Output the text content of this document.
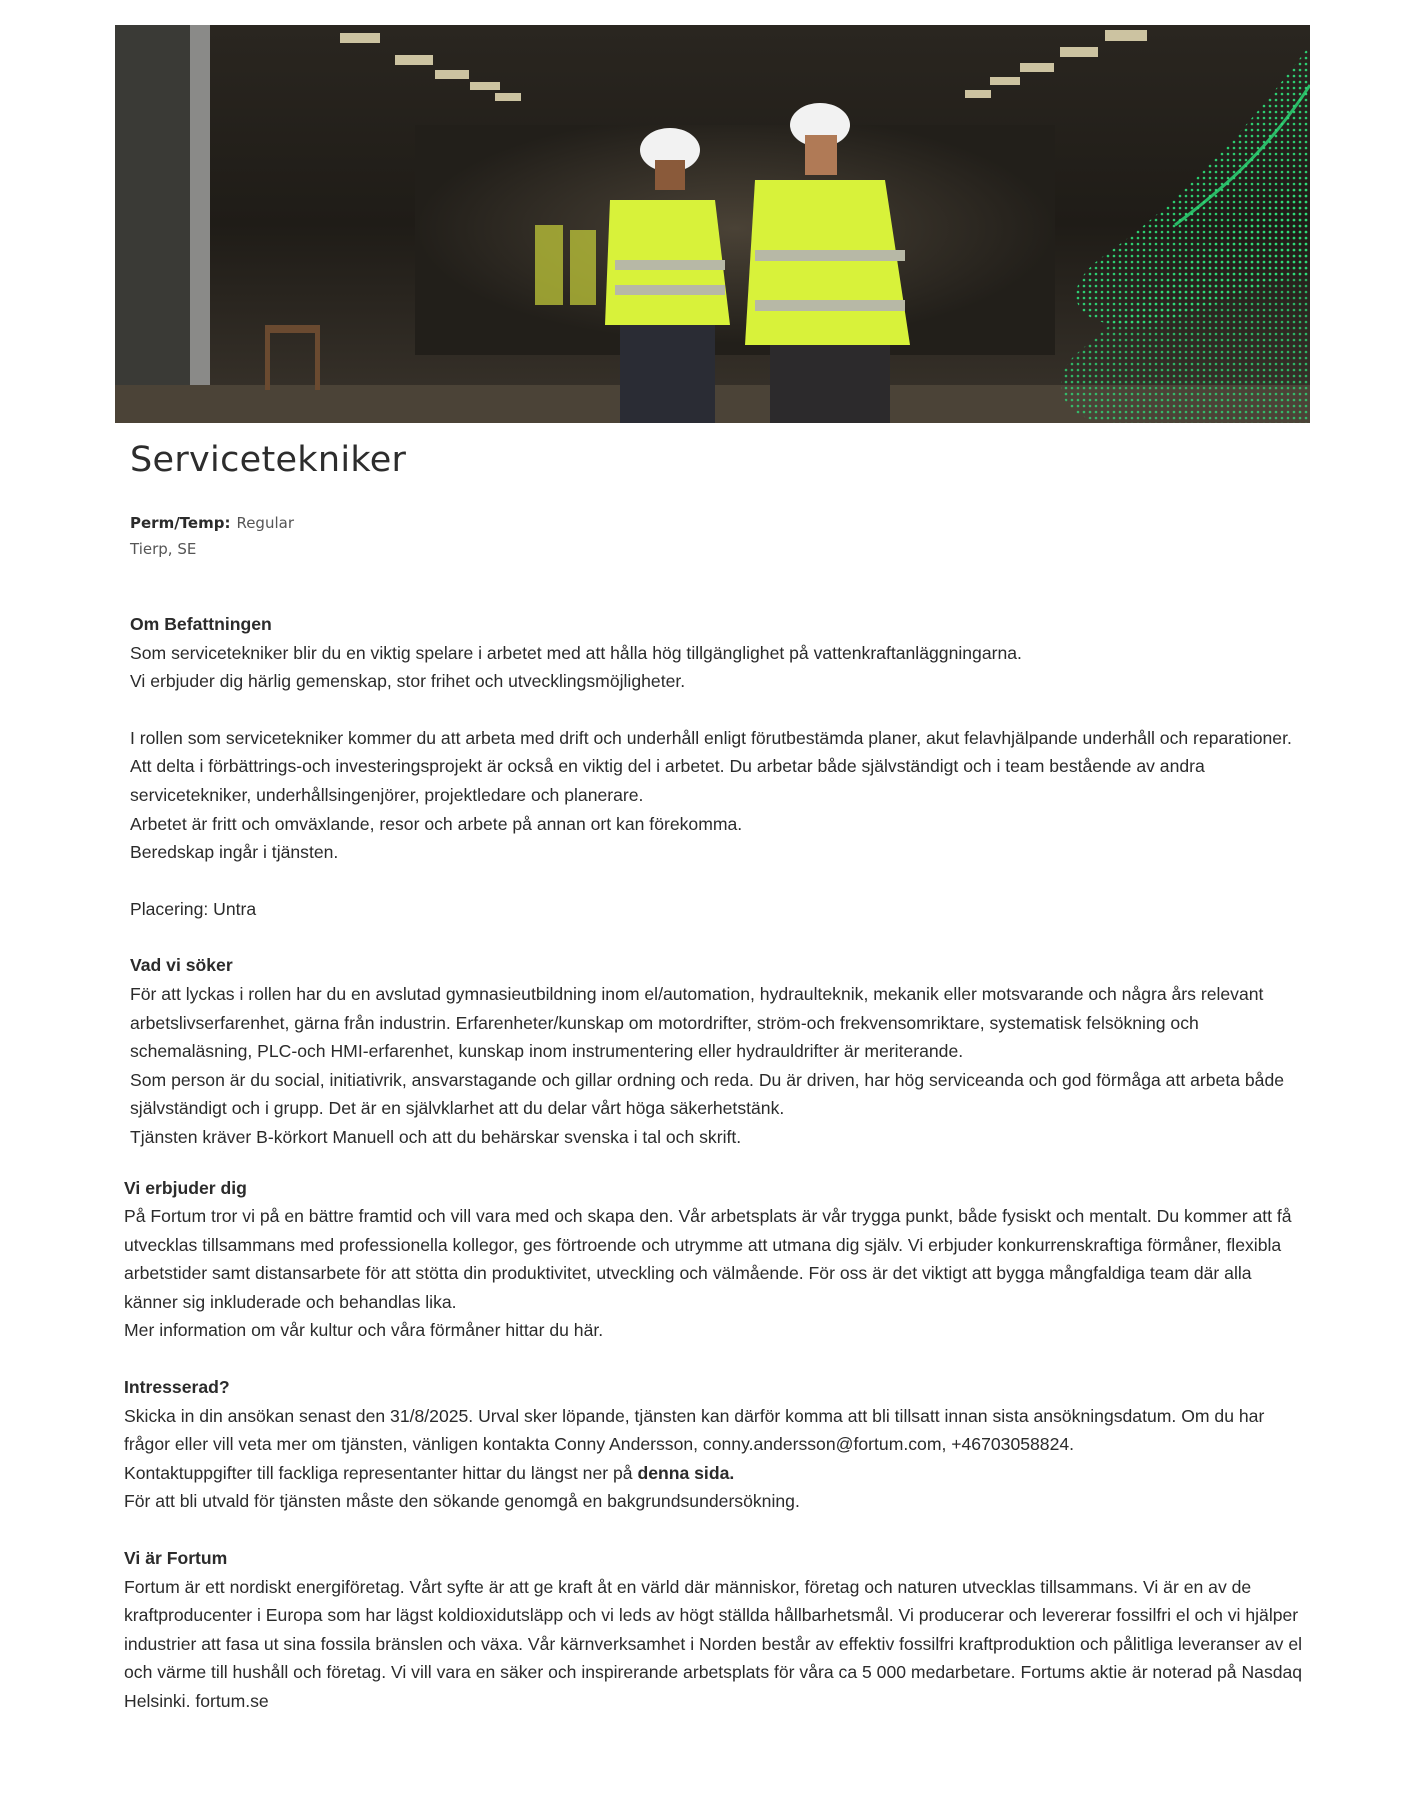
Servicetekniker
Perm/Temp: Regular
Tierp, SE
Om Befattningen

Som servicetekniker blir du en viktig spelare i arbetet med att hålla hög tillgänglighet på vattenkraftanläggningarna.

Vi erbjuder dig härlig gemenskap, stor frihet och utvecklingsmöjligheter.

I rollen som servicetekniker kommer du att arbeta med drift och underhåll enligt förutbestämda planer, akut felavhjälpande underhåll och reparationer. Att delta i förbättrings-och investeringsprojekt är också en viktig del i arbetet. Du arbetar både självständigt och i team bestående av andra servicetekniker, underhållsingenjörer, projektledare och planerare.

Arbetet är fritt och omväxlande, resor och arbete på annan ort kan förekomma.

Beredskap ingår i tjänsten.

Placering: Untra

Vad vi söker

För att lyckas i rollen har du en avslutad gymnasieutbildning inom el/automation, hydraulteknik, mekanik eller motsvarande och några års relevant arbetslivserfarenhet, gärna från industrin. Erfarenheter/kunskap om motordrifter, ström-och frekvensomriktare, systematisk felsökning och schemaläsning, PLC-och HMI-erfarenhet, kunskap inom instrumentering eller hydrauldrifter är meriterande.

Som person är du social, initiativrik, ansvarstagande och gillar ordning och reda. Du är driven, har hög serviceanda och god förmåga att arbeta både självständigt och i grupp. Det är en självklarhet att du delar vårt höga säkerhetstänk.

Tjänsten kräver B-körkort Manuell och att du behärskar svenska i tal och skrift.

Vi erbjuder dig

På Fortum tror vi på en bättre framtid och vill vara med och skapa den. Vår arbetsplats är vår trygga punkt, både fysiskt och mentalt. Du kommer att få utvecklas tillsammans med professionella kollegor, ges förtroende och utrymme att utmana dig själv. Vi erbjuder konkurrenskraftiga förmåner, flexibla arbetstider samt distansarbete för att stötta din produktivitet, utveckling och välmående. För oss är det viktigt att bygga mångfaldiga team där alla känner sig inkluderade och behandlas lika.

Mer information om vår kultur och våra förmåner hittar du här.

Intresserad?

Skicka in din ansökan senast den 31/8/2025. Urval sker löpande, tjänsten kan därför komma att bli tillsatt innan sista ansökningsdatum. Om du har frågor eller vill veta mer om tjänsten, vänligen kontakta Conny Andersson, conny.andersson@fortum.com, +46703058824.

Kontaktuppgifter till fackliga representanter hittar du längst ner på denna sida.

För att bli utvald för tjänsten måste den sökande genomgå en bakgrundsundersökning.

Vi är Fortum

Fortum är ett nordiskt energiföretag. Vårt syfte är att ge kraft åt en värld där människor, företag och naturen utvecklas tillsammans. Vi är en av de kraftproducenter i Europa som har lägst koldioxidutsläpp och vi leds av högt ställda hållbarhetsmål. Vi producerar och levererar fossilfri el och vi hjälper industrier att fasa ut sina fossila bränslen och växa. Vår kärnverksamhet i Norden består av effektiv fossilfri kraftproduktion och pålitliga leveranser av el och värme till hushåll och företag. Vi vill vara en säker och inspirerande arbetsplats för våra ca 5 000 medarbetare. Fortums aktie är noterad på Nasdaq Helsinki. fortum.se
